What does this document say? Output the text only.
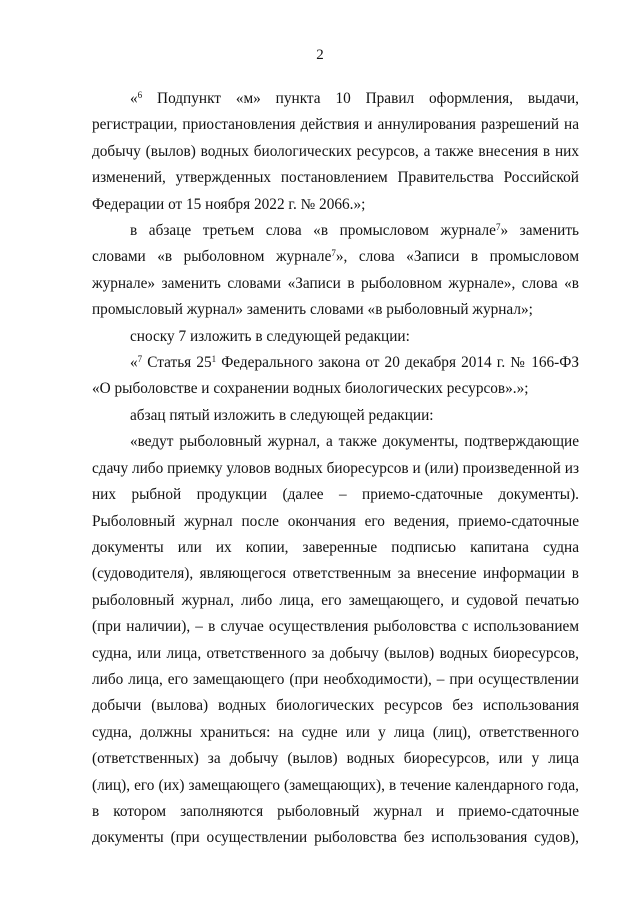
2

«$^6$ Подпункт «м» пункта 10 Правил оформления, выдачи, регистрации, приостановления действия и аннулирования разрешений на добычу (вылов) водных биологических ресурсов, а также внесения в них изменений, утвержденных постановлением Правительства Российской Федерации от 15 ноября 2022 г. № 2066.»;

в абзаце третьем слова «в промысловом журнале$^7$» заменить словами «в рыболовном журнале$^7$», слова «Записи в промысловом журнале» заменить словами «Записи в рыболовном журнале», слова «в промысловый журнал» заменить словами «в рыболовный журнал»;

сноску 7 изложить в следующей редакции:

«$^7$ Статья $25^1$ Федерального закона от 20 декабря 2014 г. № 166-ФЗ «О рыболовстве и сохранении водных биологических ресурсов».»;

абзац пятый изложить в следующей редакции:

«ведут рыболовный журнал, а также документы, подтверждающие сдачу либо приемку уловов водных биоресурсов и (или) произведенной из них рыбной продукции (далее – приемо-сдаточные документы). Рыболовный журнал после окончания его ведения, приемо-сдаточные документы или их копии, заверенные подписью капитана судна (судоводителя), являющегося ответственным за внесение информации в рыболовный журнал, либо лица, его замещающего, и судовой печатью (при наличии), – в случае осуществления рыболовства с использованием судна, или лица, ответственного за добычу (вылов) водных биоресурсов, либо лица, его замещающего (при необходимости), – при осуществлении добычи (вылова) водных биологических ресурсов без использования судна, должны храниться: на судне или у лица (лиц), ответственного (ответственных) за добычу (вылов) водных биоресурсов, или у лица (лиц), его (их) замещающего (замещающих), в течение календарного года, в котором заполняются рыболовный журнал и приемо-сдаточные документы (при осуществлении рыболовства без использования судов),
